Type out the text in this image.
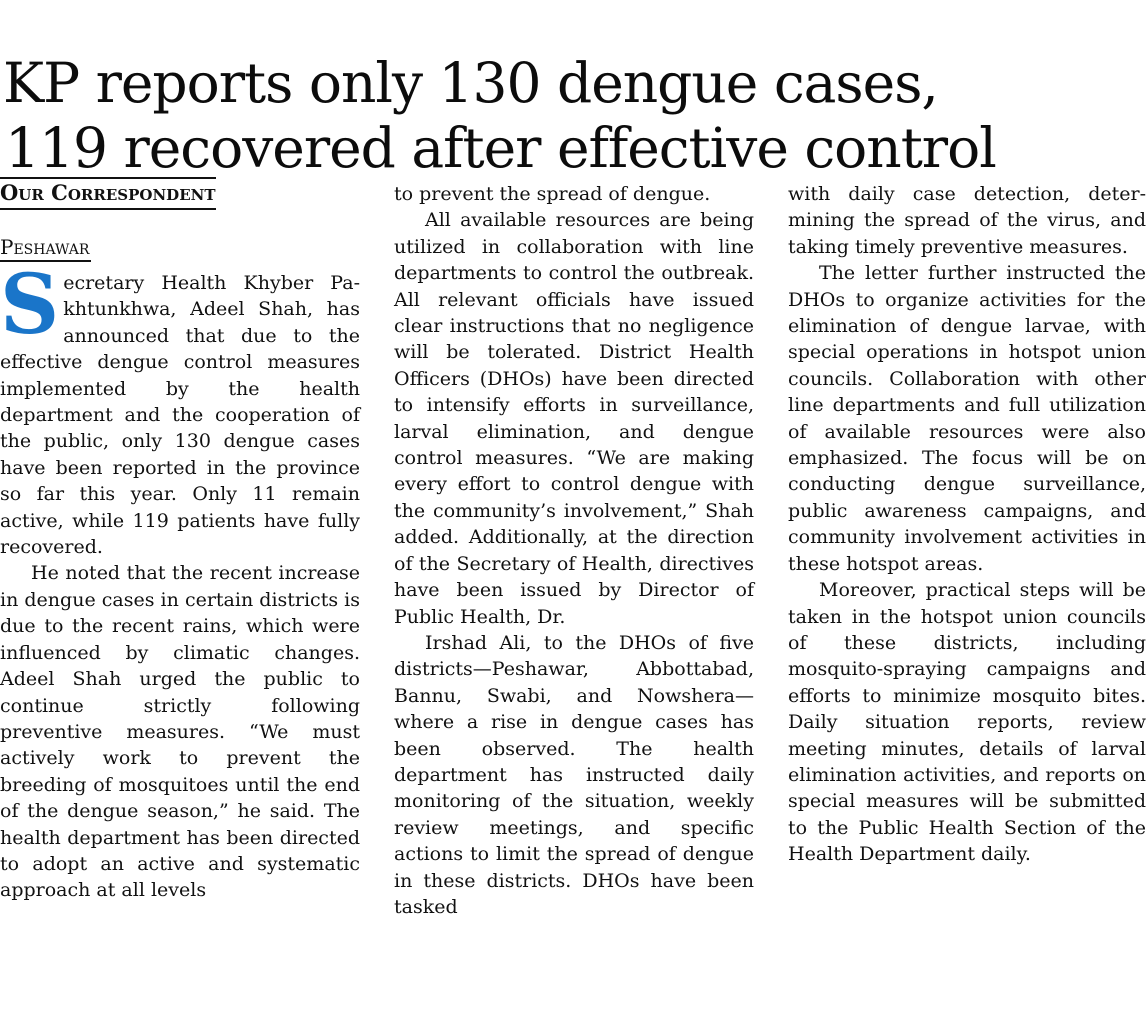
KP reports only 130 dengue cases,
119 recovered after effective control
Our Correspondent
Peshawar

Secretary Health Khyber Pakhtunkhwa, Adeel Shah, has announced that due to the effective dengue control measures implemented by the health department and the cooperation of the public, only 130 dengue cases have been reported in the province so far this year. Only 11 remain active, while 119 patients have fully recovered.

He noted that the recent increase in dengue cases in certain districts is due to the recent rains, which were influenced by climatic changes. Adeel Shah urged the public to continue strictly following preventive measures. “We must actively work to prevent the breeding of mosquitoes until the end of the dengue season,” he said. The health department has been directed to adopt an active and systematic approach at all levels

to prevent the spread of dengue.

All available resources are being utilized in collaboration with line departments to control the outbreak. All relevant officials have issued clear instructions that no negligence will be tolerated. District Health Officers (DHOs) have been directed to intensify efforts in surveillance, larval elimination, and dengue control measures. “We are making every effort to control dengue with the community’s involvement,” Shah added. Additionally, at the direction of the Secretary of Health, directives have been issued by Director of Public Health, Dr.

Irshad Ali, to the DHOs of five districts—Peshawar, Abbottabad, Bannu, Swabi, and Nowshera—where a rise in dengue cases has been observed. The health department has instructed daily monitoring of the situation, weekly review meetings, and specific actions to limit the spread of dengue in these districts. DHOs have been tasked

with daily case detection, determining the spread of the virus, and taking timely preventive measures.

The letter further instructed the DHOs to organize activities for the elimination of dengue larvae, with special operations in hotspot union councils. Collaboration with other line departments and full utilization of available resources were also emphasized. The focus will be on conducting dengue surveillance, public awareness campaigns, and community involvement activities in these hotspot areas.

Moreover, practical steps will be taken in the hotspot union councils of these districts, including mosquito-spraying campaigns and efforts to minimize mosquito bites. Daily situation reports, review meeting minutes, details of larval elimination activities, and reports on special measures will be submitted to the Public Health Section of the Health Department daily.
